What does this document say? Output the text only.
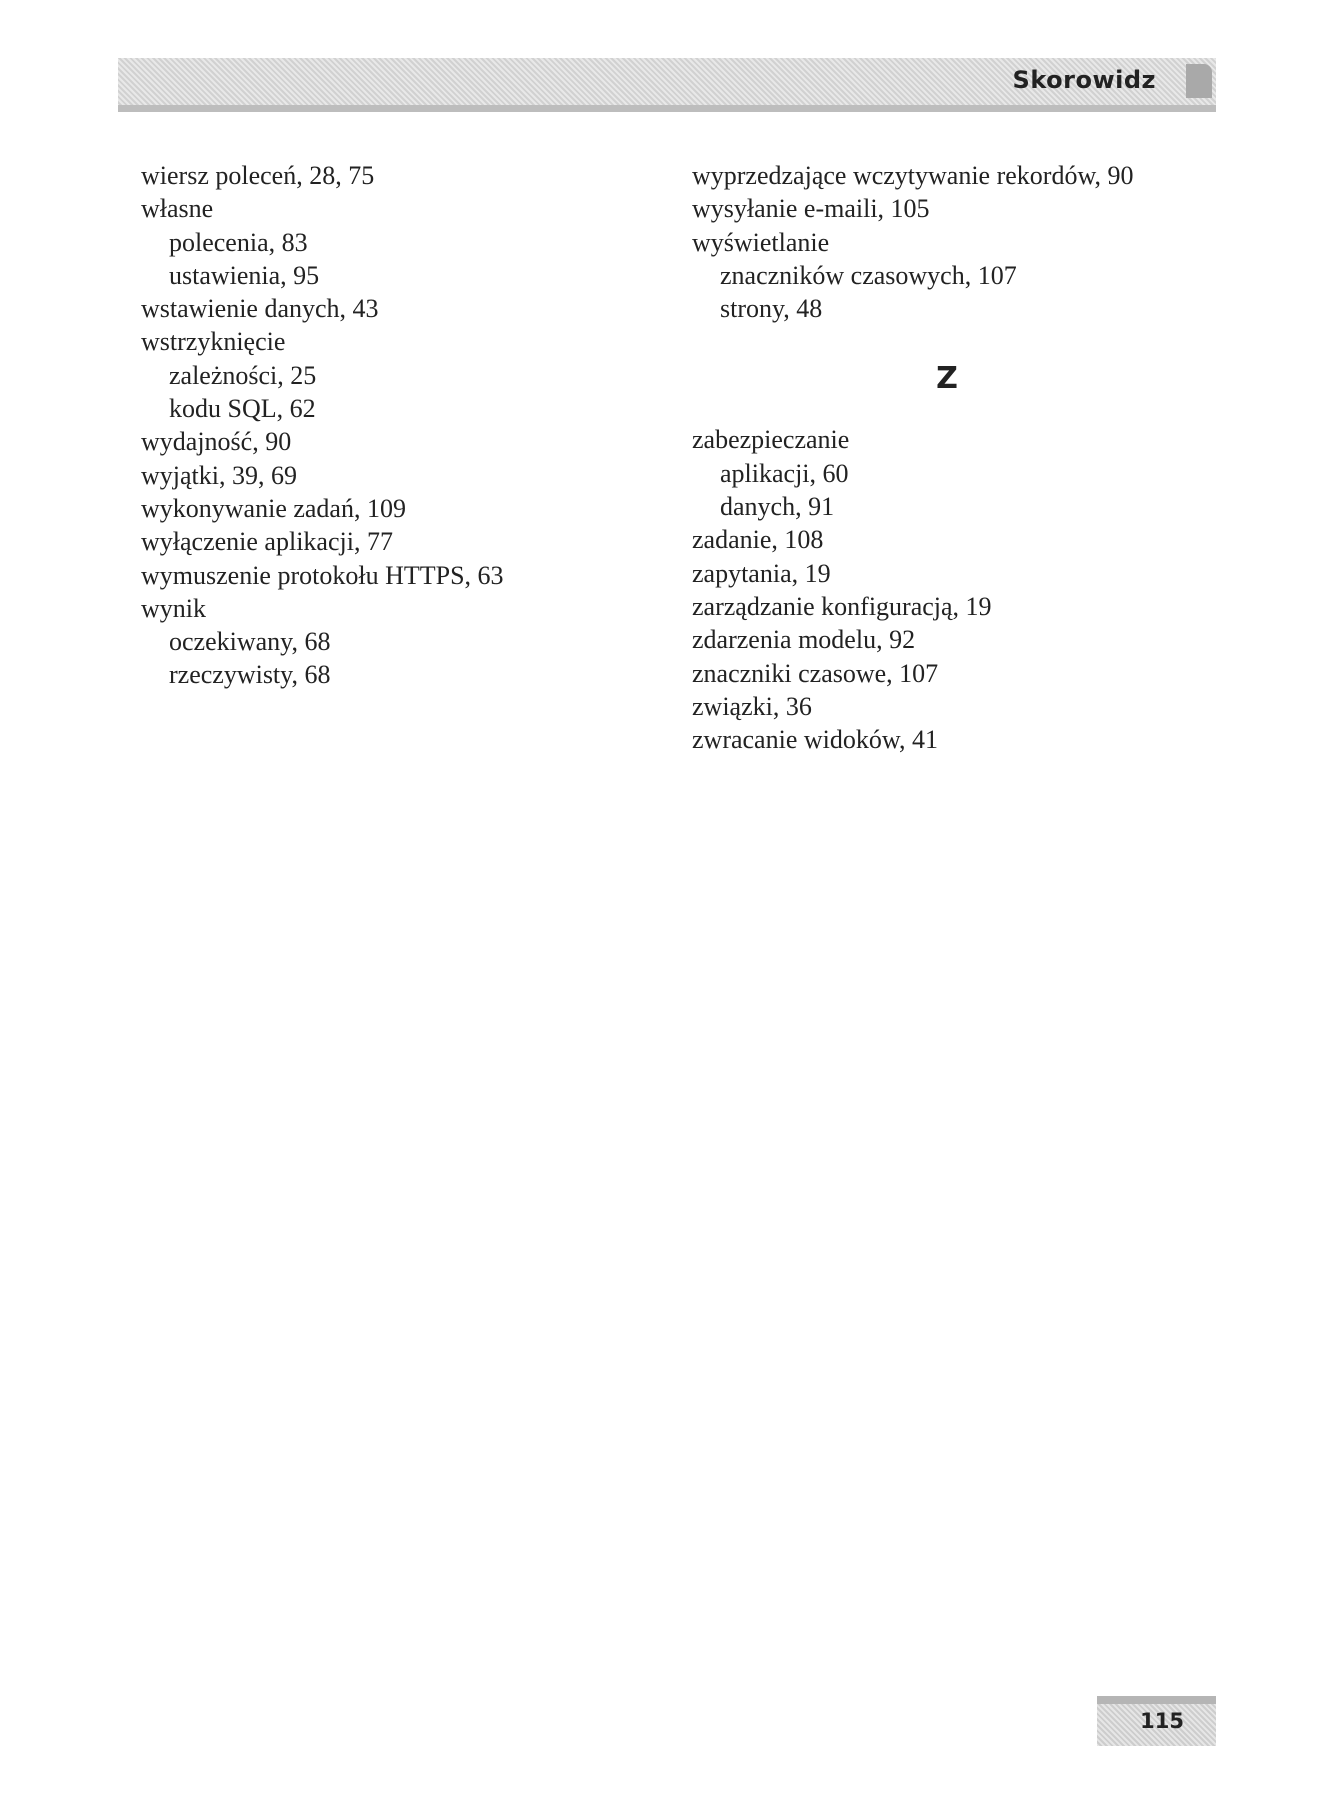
Skorowidz
wiersz poleceń, 28, 75
własne
polecenia, 83
ustawienia, 95
wstawienie danych, 43
wstrzyknięcie
zależności, 25
kodu SQL, 62
wydajność, 90
wyjątki, 39, 69
wykonywanie zadań, 109
wyłączenie aplikacji, 77
wymuszenie protokołu HTTPS, 63
wynik
oczekiwany, 68
rzeczywisty, 68
wyprzedzające wczytywanie rekordów, 90
wysyłanie e-maili, 105
wyświetlanie
znaczników czasowych, 107
strony, 48
Z
zabezpieczanie
aplikacji, 60
danych, 91
zadanie, 108
zapytania, 19
zarządzanie konfiguracją, 19
zdarzenia modelu, 92
znaczniki czasowe, 107
związki, 36
zwracanie widoków, 41
115
